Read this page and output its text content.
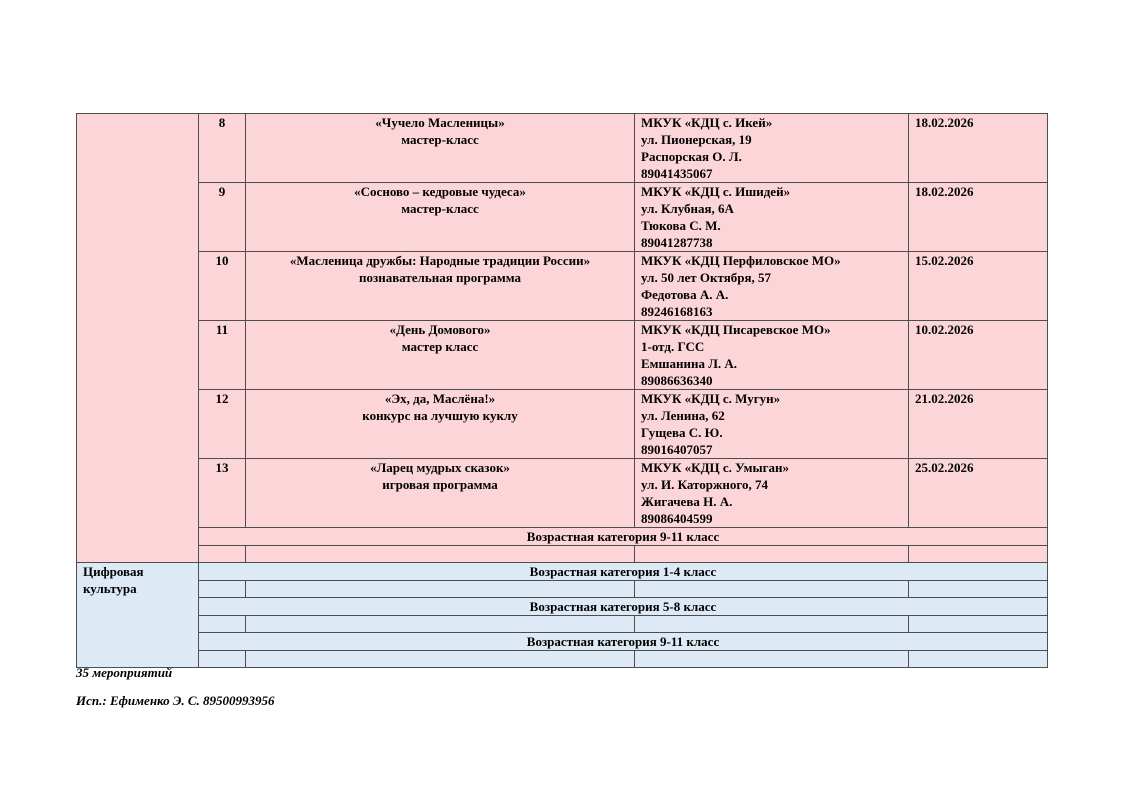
	8	«Чучело Масленицы»
мастер-класс	МКУК «КДЦ с. Икей»
ул. Пионерская, 19
Распорская О. Л.
89041435067	18.02.2026
	9	«Сосново – кедровые чудеса»
мастер-класс	МКУК «КДЦ с. Ишидей»
ул. Клубная, 6А
Тюкова С. М.
89041287738	18.02.2026
	10	«Масленица дружбы: Народные традиции России»
познавательная программа	МКУК «КДЦ Перфиловское МО»
ул. 50 лет Октября, 57
Федотова А. А.
89246168163	15.02.2026
	11	«День Домового»
мастер класс	МКУК «КДЦ Писаревское МО»
1-отд. ГСС
Емшанина Л. А.
89086636340	10.02.2026
	12	«Эх, да, Маслёна!»
конкурс на лучшую куклу	МКУК «КДЦ с. Мугун»
ул. Ленина, 62
Гущева С. Ю.
89016407057	21.02.2026
	13	«Ларец мудрых сказок»
игровая программа	МКУК «КДЦ с. Умыган»
ул. И. Каторжного, 74
Жигачева Н. А.
89086404599	25.02.2026
	Возрастная категория 9-11 класс			

Цифровая культура	Возрастная категория 1-4 класс			

	Возрастная категория 5-8 класс			

	Возрастная категория 9-11 класс			

35 мероприятий
Исп.: Ефименко Э. С. 89500993956
